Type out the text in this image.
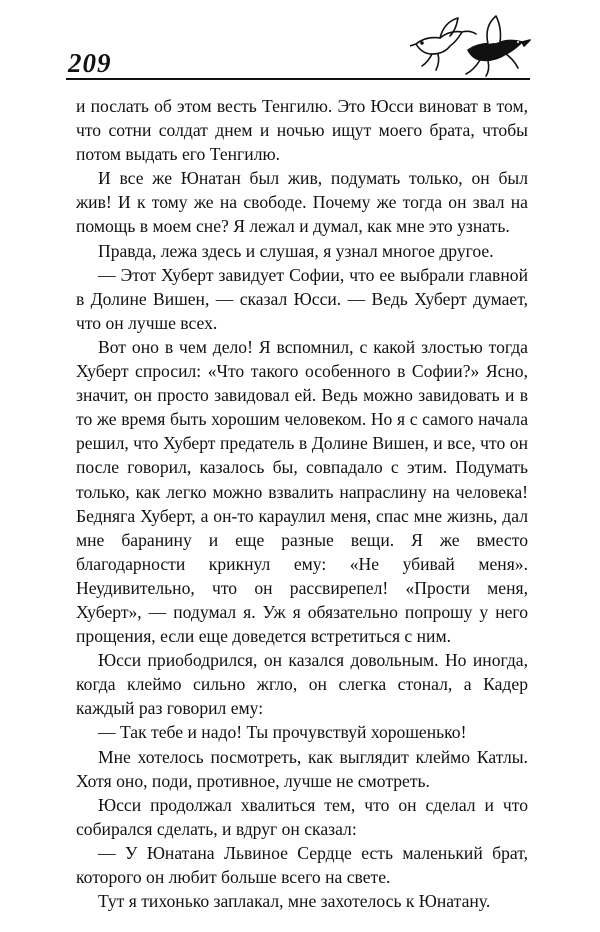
209

и послать об этом весть Тенгилю. Это Юсси виноват в том, что сотни солдат днем и ночью ищут моего брата, чтобы потом выдать его Тенгилю.

И все же Юнатан был жив, подумать только, он был жив! И к тому же на свободе. Почему же тогда он звал на помощь в моем сне? Я лежал и думал, как мне это узнать.

Правда, лежа здесь и слушая, я узнал многое другое.

— Этот Хуберт завидует Софии, что ее выбрали главной в Долине Вишен, — сказал Юсси. — Ведь Хуберт думает, что он лучше всех.

Вот оно в чем дело! Я вспомнил, с какой злостью тогда Хуберт спросил: «Что такого особенного в Софии?» Ясно, значит, он просто завидовал ей. Ведь можно завидовать и в то же время быть хорошим человеком. Но я с самого начала решил, что Хуберт предатель в Долине Вишен, и все, что он после говорил, казалось бы, совпадало с этим. Подумать только, как легко можно взвалить напраслину на человека! Бедняга Хуберт, а он-то караулил меня, спас мне жизнь, дал мне баранину и еще разные вещи. Я же вместо благодарности крикнул ему: «Не убивай меня». Неудивительно, что он рассвирепел! «Прости меня, Хуберт», — подумал я. Уж я обязательно попрошу у него прощения, если еще доведется встретиться с ним.

Юсси приободрился, он казался довольным. Но иногда, когда клеймо сильно жгло, он слегка стонал, а Кадер каждый раз говорил ему:

— Так тебе и надо! Ты прочувствуй хорошенько!

Мне хотелось посмотреть, как выглядит клеймо Катлы. Хотя оно, поди, противное, лучше не смотреть.

Юсси продолжал хвалиться тем, что он сделал и что собирался сделать, и вдруг он сказал:

— У Юнатана Львиное Сердце есть маленький брат, которого он любит больше всего на свете.

Тут я тихонько заплакал, мне захотелось к Юнатану.
